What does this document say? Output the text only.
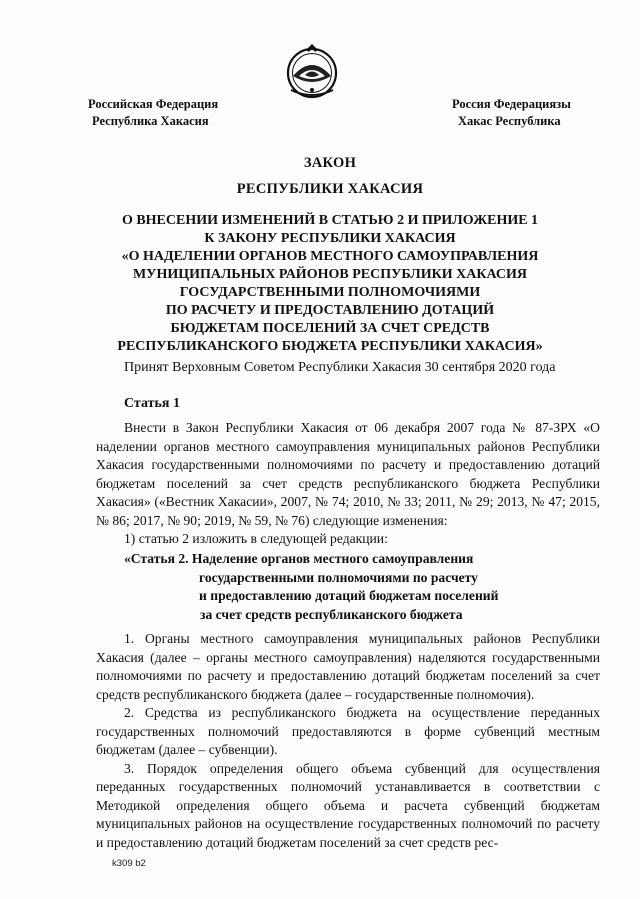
Российская Федерация
Республика Хакасия
Россия Федерациязы
Хакас Республика
ЗАКОН
РЕСПУБЛИКИ ХАКАСИЯ
О ВНЕСЕНИИ ИЗМЕНЕНИЙ В СТАТЬЮ 2 И ПРИЛОЖЕНИЕ 1
К ЗАКОНУ РЕСПУБЛИКИ ХАКАСИЯ
«О НАДЕЛЕНИИ ОРГАНОВ МЕСТНОГО САМОУПРАВЛЕНИЯ
МУНИЦИПАЛЬНЫХ РАЙОНОВ РЕСПУБЛИКИ ХАКАСИЯ
ГОСУДАРСТВЕННЫМИ ПОЛНОМОЧИЯМИ
ПО РАСЧЕТУ И ПРЕДОСТАВЛЕНИЮ ДОТАЦИЙ
БЮДЖЕТАМ ПОСЕЛЕНИЙ ЗА СЧЕТ СРЕДСТВ
РЕСПУБЛИКАНСКОГО БЮДЖЕТА РЕСПУБЛИКИ ХАКАСИЯ»
Принят Верховным Советом Республики Хакасия 30 сентября 2020 года
Статья 1

Внести в Закон Республики Хакасия от 06 декабря 2007 года № 87-ЗРХ «О наделении органов местного самоуправления муниципальных районов Республики Хакасия государственными полномочиями по расчету и предоставлению дотаций бюджетам поселений за счет средств республиканского бюджета Республики Хакасия» («Вестник Хакасии», 2007, № 74; 2010, № 33; 2011, № 29; 2013, № 47; 2015, № 86; 2017, № 90; 2019, № 59, № 76) следующие изменения:

1) статью 2 изложить в следующей редакции:

«Статья 2. Наделение органов местного самоуправления
государственными полномочиями по расчету
и предоставлению дотаций бюджетам поселений
за счет средств республиканского бюджета

1. Органы местного самоуправления муниципальных районов Республики Хакасия (далее – органы местного самоуправления) наделяются государственными полномочиями по расчету и предоставлению дотаций бюджетам поселений за счет средств республиканского бюджета (далее – государственные полномочия).

2. Средства из республиканского бюджета на осуществление переданных государственных полномочий предоставляются в форме субвенций местным бюджетам (далее – субвенции).

3. Порядок определения общего объема субвенций для осуществления переданных государственных полномочий устанавливается в соответствии с Методикой определения общего объема и расчета субвенций бюджетам муниципальных районов на осуществление государственных полномочий по расчету и предоставлению дотаций бюджетам поселений за счет средств рес-

k309 b2
